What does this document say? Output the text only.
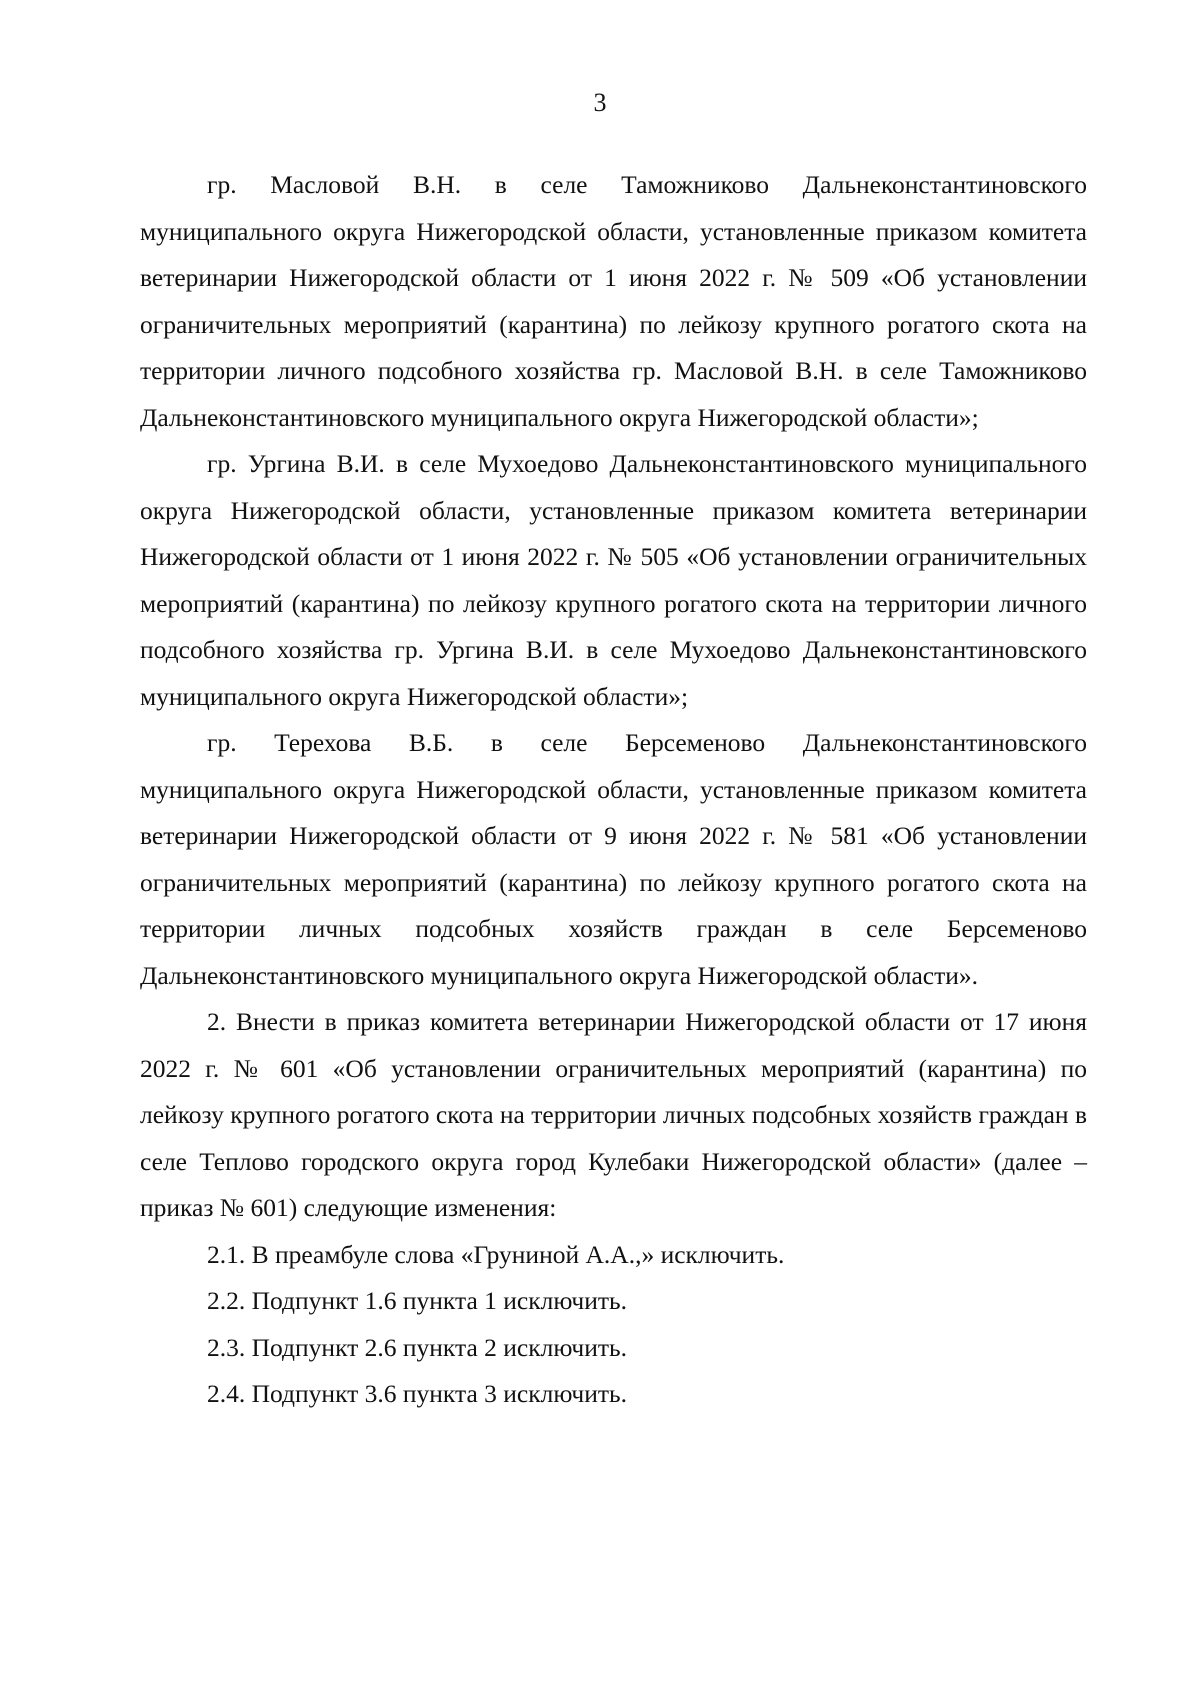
3

гр. Масловой В.Н. в селе Таможниково Дальнеконстантиновского муниципального округа Нижегородской области, установленные приказом комитета ветеринарии Нижегородской области от 1 июня 2022 г. № 509 «Об установлении ограничительных мероприятий (карантина) по лейкозу крупного рогатого скота на территории личного подсобного хозяйства гр. Масловой В.Н. в селе Таможниково Дальнеконстантиновского муниципального округа Нижегородской области»;

гр. Ургина В.И. в селе Мухоедово Дальнеконстантиновского муниципального округа Нижегородской области, установленные приказом комитета ветеринарии Нижегородской области от 1 июня 2022 г. № 505 «Об установлении ограничительных мероприятий (карантина) по лейкозу крупного рогатого скота на территории личного подсобного хозяйства гр. Ургина В.И. в селе Мухоедово Дальнеконстантиновского муниципального округа Нижегородской области»;

гр. Терехова В.Б. в селе Берсеменово Дальнеконстантиновского муниципального округа Нижегородской области, установленные приказом комитета ветеринарии Нижегородской области от 9 июня 2022 г. № 581 «Об установлении ограничительных мероприятий (карантина) по лейкозу крупного рогатого скота на территории личных подсобных хозяйств граждан в селе Берсеменово Дальнеконстантиновского муниципального округа Нижегородской области».

2. Внести в приказ комитета ветеринарии Нижегородской области от 17 июня 2022 г. № 601 «Об установлении ограничительных мероприятий (карантина) по лейкозу крупного рогатого скота на территории личных подсобных хозяйств граждан в селе Теплово городского округа город Кулебаки Нижегородской области» (далее – приказ № 601) следующие изменения:

2.1. В преамбуле слова «Груниной А.А.,» исключить.

2.2. Подпункт 1.6 пункта 1 исключить.

2.3. Подпункт 2.6 пункта 2 исключить.

2.4. Подпункт 3.6 пункта 3 исключить.
